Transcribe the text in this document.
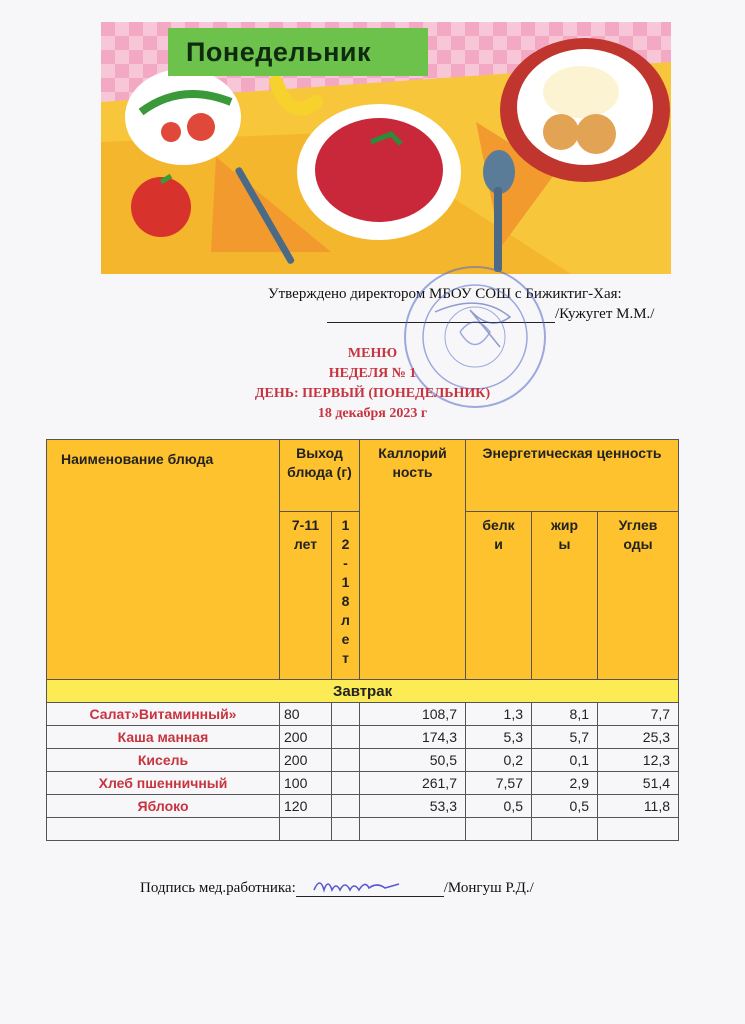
Понедельник
Утверждено директором МБОУ СОШ с Бижиктиг-Хая:
/Кужугет М.М./
МЕНЮ
НЕДЕЛЯ № 1
ДЕНЬ: ПЕРВЫЙ (ПОНЕДЕЛЬНИК)
18 декабря 2023 г
Наименование блюда	Выход блюда (г)		Каллорийность	Энергетическая ценность		
	7-11 лет	12-18лет		белки	жиры	Углеводы

Завтрак						
Салат»Витаминный»	80		108,7	1,3	8,1	7,7
Каша манная	200		174,3	5,3	5,7	25,3
Кисель	200		50,5	0,2	0,1	12,3
Хлеб пшенничный	100		261,7	7,57	2,9	51,4
Яблоко	120		53,3	0,5	0,5	11,8

Подпись мед.работника:	/Монгуш Р.Д./
